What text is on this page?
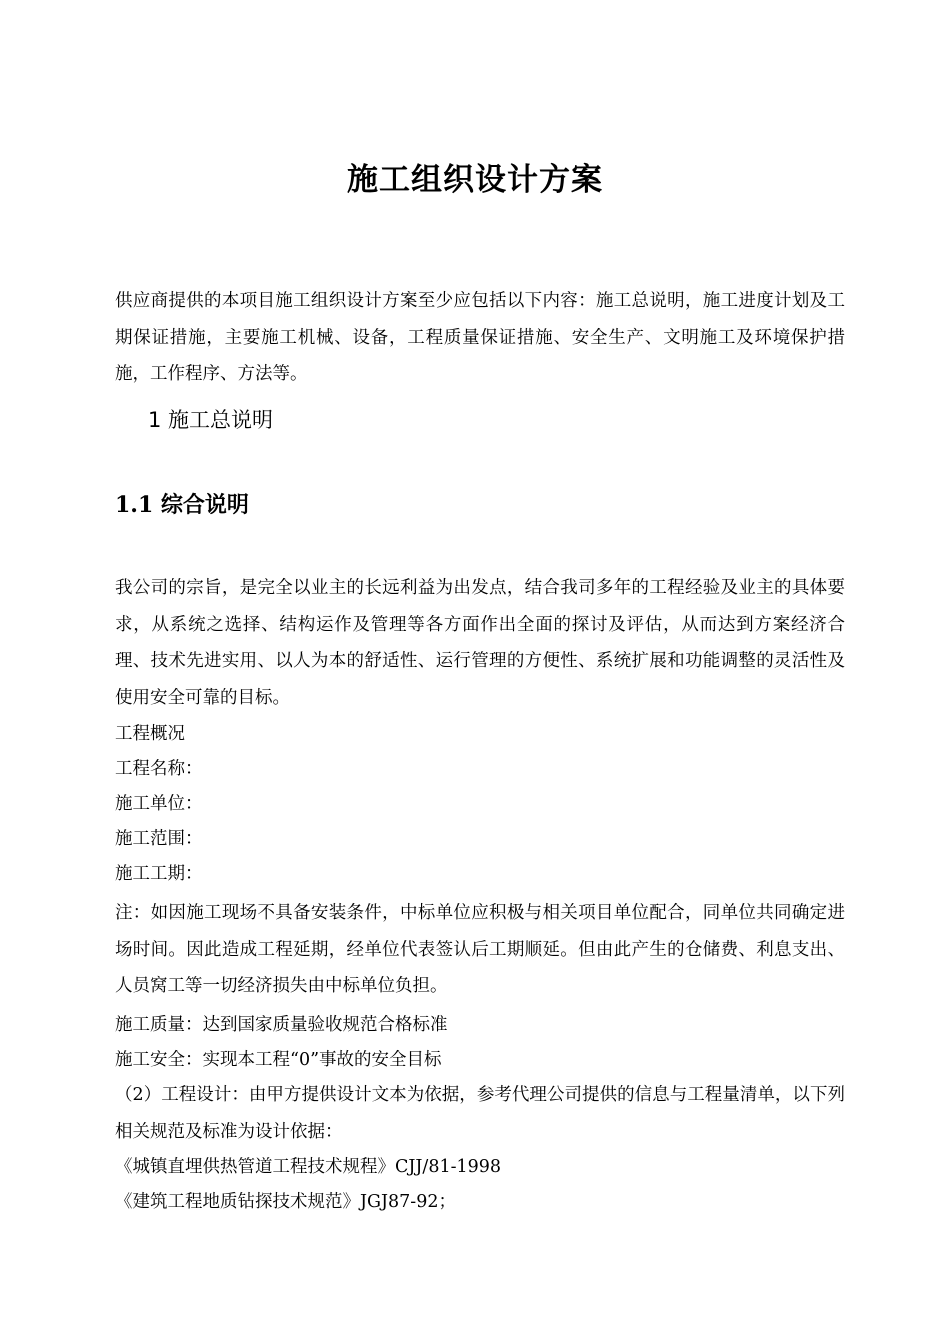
施工组织设计方案

供应商提供的本项目施工组织设计方案至少应包括以下内容：施工总说明，施工进度计划及工期保证措施，主要施工机械、设备，工程质量保证措施、安全生产、文明施工及环境保护措施，工作程序、方法等。

1 施工总说明
1.1 综合说明

我公司的宗旨，是完全以业主的长远利益为出发点，结合我司多年的工程经验及业主的具体要求，从系统之选择、结构运作及管理等各方面作出全面的探讨及评估，从而达到方案经济合理、技术先进实用、以人为本的舒适性、运行管理的方便性、系统扩展和功能调整的灵活性及使用安全可靠的目标。

工程概况
工程名称：
施工单位：
施工范围：
施工工期：

注：如因施工现场不具备安装条件，中标单位应积极与相关项目单位配合，同单位共同确定进场时间。因此造成工程延期，经单位代表签认后工期顺延。但由此产生的仓储费、利息支出、人员窝工等一切经济损失由中标单位负担。

施工质量：达到国家质量验收规范合格标准
施工安全：实现本工程“0”事故的安全目标

（2）工程设计：由甲方提供设计文本为依据，参考代理公司提供的信息与工程量清单，以下列相关规范及标准为设计依据：

《城镇直埋供热管道工程技术规程》CJJ/81-1998
《建筑工程地质钻探技术规范》JGJ87-92；
